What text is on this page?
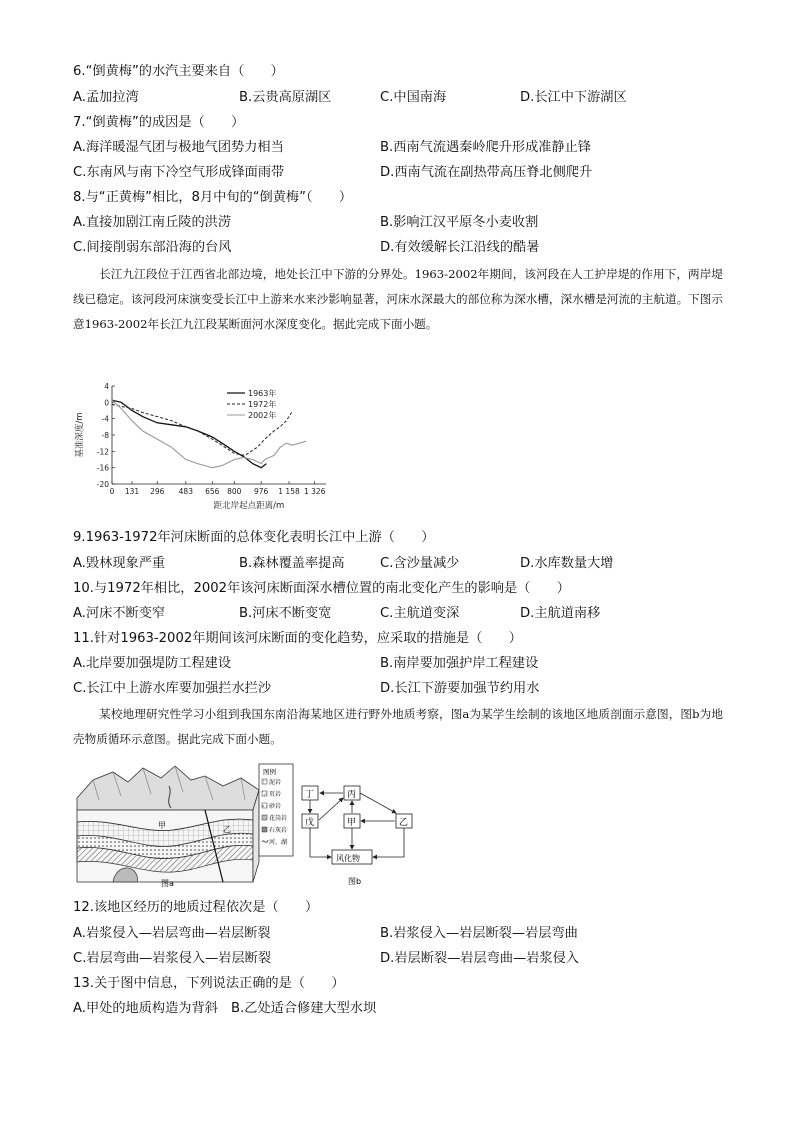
6.“倒黄梅”的水汽主要来自（　　）
A.孟加拉湾	B.云贵高原湖区	C.中国南海	D.长江中下游湖区
7.“倒黄梅”的成因是（　　）
A.海洋暖湿气团与极地气团势力相当	B.西南气流遇秦岭爬升形成准静止锋
C.东南风与南下冷空气形成锋面雨带	D.西南气流在副热带高压脊北侧爬升
8.与“正黄梅”相比，8月中旬的“倒黄梅”（　　）
A.直接加剧江南丘陵的洪涝	B.影响江汉平原冬小麦收割
C.间接削弱东部沿海的台风	D.有效缓解长江沿线的酷暑
长江九江段位于江西省北部边境，地处长江中下游的分界处。1963-2002年期间，该河段在人工护岸堤的作用下，两岸堤线已稳定。该河段河床演变受长江中上游来水来沙影响显著，河床水深最大的部位称为深水槽，深水槽是河流的主航道。下图示意1963-2002年长江九江段某断面河水深度变化。据此完成下面小题。
4
0
-4
-8
-12
-16
-20
0 131 296 483 656 800 976 1 158 1 326
基准深度/m
距北岸起点距离/m
1963年
1972年
2002年
9.1963-1972年河床断面的总体变化表明长江中上游（　　）
A.毁林现象严重	B.森林覆盖率提高	C.含沙量减少	D.水库数量大增
10.与1972年相比，2002年该河床断面深水槽位置的南北变化产生的影响是（　　）
A.河床不断变窄	B.河床不断变宽	C.主航道变深	D.主航道南移
11.针对1963-2002年期间该河床断面的变化趋势，应采取的措施是（　　）
A.北岸要加强堤防工程建设	B.南岸要加强护岸工程建设
C.长江中上游水库要加强拦水拦沙	D.长江下游要加强节约用水
某校地理研究性学习小组到我国东南沿海某地区进行野外地质考察，图a为某学生绘制的该地区地质剖面示意图，图b为地壳物质循环示意图。据此完成下面小题。
甲	乙
图例
泥岩
页岩
砂岩
花岗岩
石灰岩
河、湖
图a
丁	丙
戊	甲	乙
风化物
图b
12.该地区经历的地质过程依次是（　　）
A.岩浆侵入—岩层弯曲—岩层断裂	B.岩浆侵入—岩层断裂—岩层弯曲
C.岩层弯曲—岩浆侵入—岩层断裂	D.岩层断裂—岩层弯曲—岩浆侵入
13.关于图中信息，下列说法正确的是（　　）
A.甲处的地质构造为背斜　B.乙处适合修建大型水坝
